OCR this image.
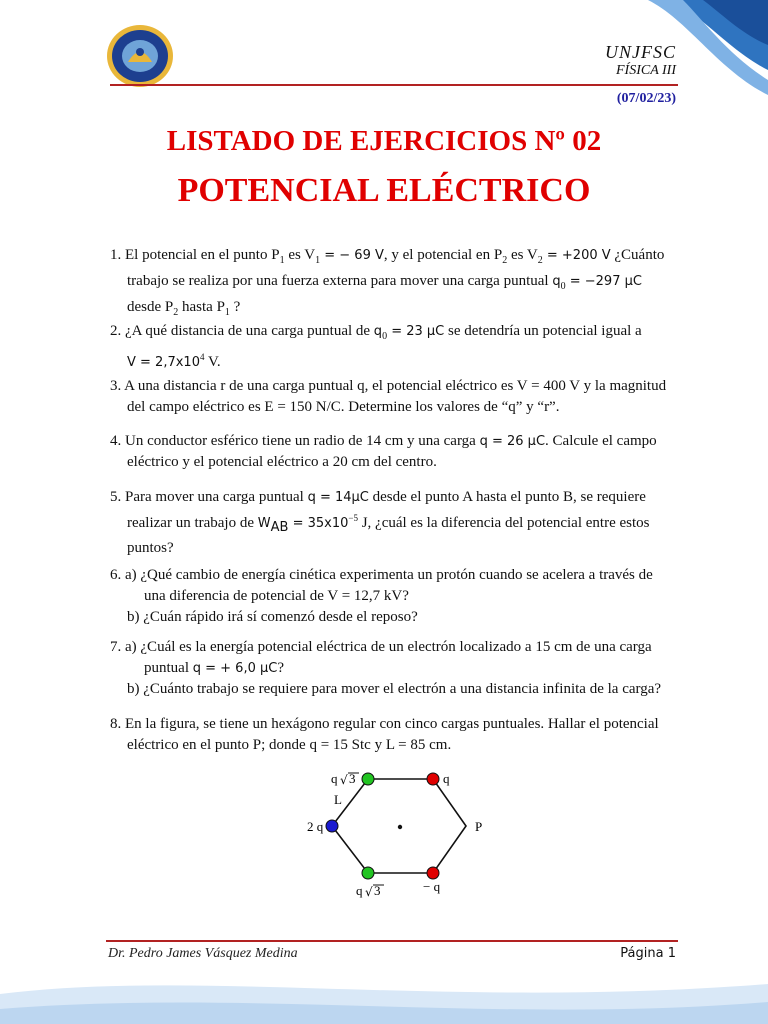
UNJFSC
FÍSICA III
(07/02/23)
LISTADO DE EJERCICIOS Nº 02
POTENCIAL ELÉCTRICO
1. El potencial en el punto $P_1$ es $V_1$ = − 69 V, y el potencial en $P_2$ es $V_2 = +200$ V ¿Cuánto
trabajo se realiza por una fuerza externa para mover una carga puntual $q_0 = -297$ μC
desde $P_2$ hasta $P_1$ ?
2. ¿A qué distancia de una carga puntual de $q_0 = 23$ μC se detendría un potencial igual a
$V = 2,7x10^4$ V.
3. A una distancia r de una carga puntual q, el potencial eléctrico es V = 400 V y la magnitud
del campo eléctrico es E = 150 N/C. Determine los valores de “q” y “r”.
4. Un conductor esférico tiene un radio de 14 cm y una carga q = 26 μC. Calcule el campo
eléctrico y el potencial eléctrico a 20 cm del centro.
5. Para mover una carga puntual q = 14μC desde el punto A hasta el punto B, se requiere
realizar un trabajo de $W_{AB} = 35x10^{-5}$ J, ¿cuál es la diferencia del potencial entre estos
puntos?
6. a) ¿Qué cambio de energía cinética experimenta un protón cuando se acelera a través de
una diferencia de potencial de V = 12,7 kV?
b) ¿Cuán rápido irá sí comenzó desde el reposo?
7. a) ¿Cuál es la energía potencial eléctrica de un electrón localizado a 15 cm de una carga
puntual q = + 6,0 μC?
b) ¿Cuánto trabajo se requiere para mover el electrón a una distancia infinita de la carga?
8. En la figura, se tiene un hexágono regular con cinco cargas puntuales. Hallar el potencial
eléctrico en el punto P; donde q = 15 Stc y L = 85 cm.
q √ 3	q
L
2 q	P
q √ 3	− q
Dr. Pedro James Vásquez Medina	Página 1
